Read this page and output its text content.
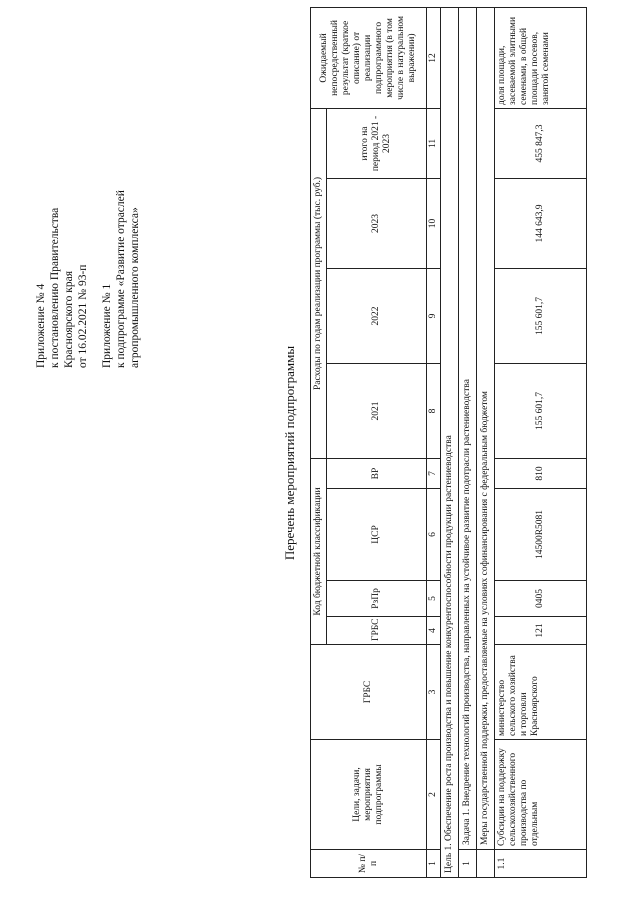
Приложение № 4 к постановлению Правительства Красноярского края от 16.02.2021 № 93-п Приложение № 1 к подпрограмме «Развитие отраслей агропромышленного комплекса»

Перечень мероприятий подпрограммы
№ п/п	Цели, задачи, мероприятия подпрограммы	ГРБС	Код бюджетной классификации				Расходы по годам реализации программы (тыс. руб.)				Ожидаемый непосредственный результат (краткое описание) от реализации подпрограммного мероприятия (в том числе в натуральном выражении)
			ГРБС	РзПр	ЦСР	ВР	2021	2022	2023	итого на период 2021 - 2023	
1	2	3	4	5	6	7	8	9	10	11	12
Цель 1. Обеспечение роста производства и повышение конкурентоспособности продукции растениеводства											
1	Задача 1. Внедрение технологий производства, направленных на устойчивое развитие подотрасли растениеводства										
	Меры государственной поддержки, предоставляемые на условиях софинансирования с федеральным бюджетом										
1.1	Субсидии на поддержку сельскохозяйственного производства по отдельным	министерство сельского хозяйства и торговли Красноярского	121	0405	14500R5081	810	155 601,7	155 601,7	144 643,9	455 847,3	доля площади, засеваемой элитными семенами, в общей площади посевов, занятой семенами
